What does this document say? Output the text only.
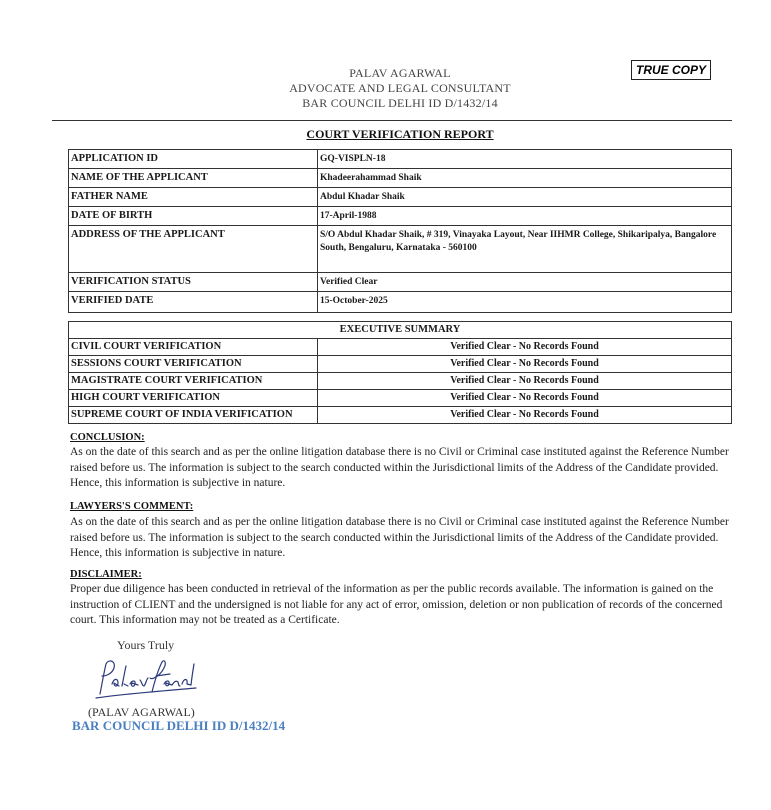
TRUE COPY
PALAV AGARWAL
ADVOCATE AND LEGAL CONSULTANT
BAR COUNCIL DELHI ID D/1432/14
COURT VERIFICATION REPORT
APPLICATION ID	GQ-VISPLN-18
NAME OF THE APPLICANT	Khadeerahammad Shaik
FATHER NAME	Abdul Khadar Shaik
DATE OF BIRTH	17-April-1988
ADDRESS OF THE APPLICANT	S/O Abdul Khadar Shaik, # 319, Vinayaka Layout, Near IIHMR College, Shikaripalya, Bangalore South, Bengaluru, Karnataka - 560100
VERIFICATION STATUS	Verified Clear
VERIFIED DATE	15-October-2025
EXECUTIVE SUMMARY	
CIVIL COURT VERIFICATION	Verified Clear - No Records Found
SESSIONS COURT VERIFICATION	Verified Clear - No Records Found
MAGISTRATE COURT VERIFICATION	Verified Clear - No Records Found
HIGH COURT VERIFICATION	Verified Clear - No Records Found
SUPREME COURT OF INDIA VERIFICATION	Verified Clear - No Records Found
CONCLUSION:
As on the date of this search and as per the online litigation database there is no Civil or Criminal case instituted against the Reference Number raised before us. The information is subject to the search conducted within the Jurisdictional limits of the Address of the Candidate provided. Hence, this information is subjective in nature.
LAWYERS'S COMMENT:
As on the date of this search and as per the online litigation database there is no Civil or Criminal case instituted against the Reference Number raised before us. The information is subject to the search conducted within the Jurisdictional limits of the Address of the Candidate provided. Hence, this information is subjective in nature.
DISCLAIMER:
Proper due diligence has been conducted in retrieval of the information as per the public records available. The information is gained on the instruction of CLIENT and the undersigned is not liable for any act of error, omission, deletion or non publication of records of the concerned court. This information may not be treated as a Certificate.
Yours Truly
(PALAV AGARWAL)
BAR COUNCIL DELHI ID D/1432/14
